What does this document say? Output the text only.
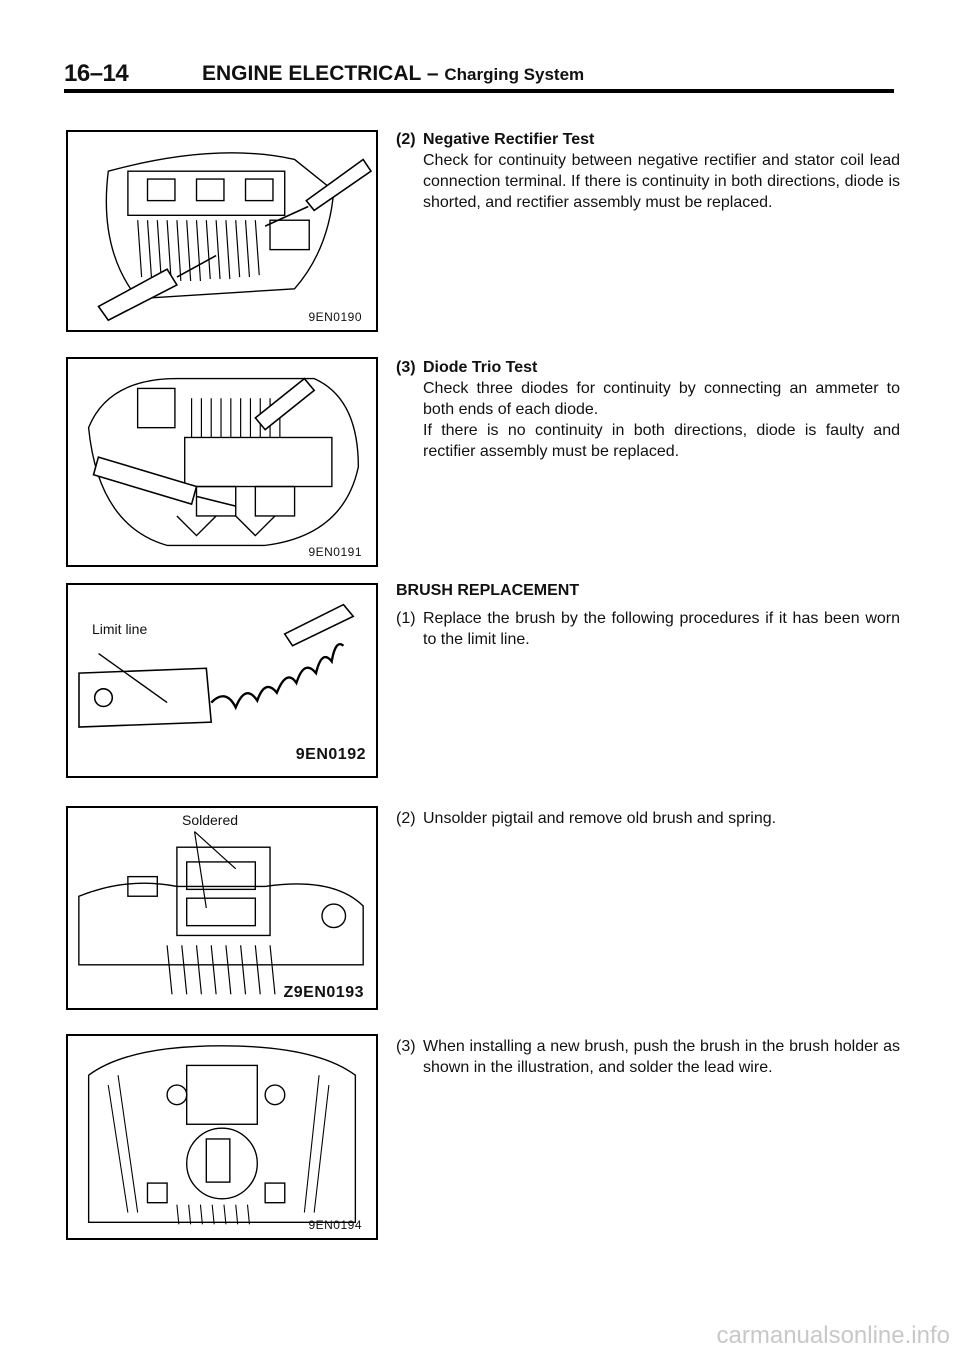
16–14	ENGINE ELECTRICAL – Charging System
9EN0190
9EN0191
Limit line
9EN0192
Soldered
Z9EN0193
9EN0194
(2) Negative Rectifier Test

Check for continuity between negative rectifier and stator coil lead connection terminal. If there is continuity in both directions, diode is shorted, and rectifier assembly must be replaced.

(3) Diode Trio Test

Check three diodes for continuity by connecting an ammeter to both ends of each diode.

If there is no continuity in both directions, diode is faulty and rectifier assembly must be replaced.

BRUSH REPLACEMENT
(1) Replace the brush by the following procedures if it has been worn to the limit line.
(2) Unsolder pigtail and remove old brush and spring.
(3) When installing a new brush, push the brush in the brush holder as shown in the illustration, and solder the lead wire.
carmanualsonline.info
